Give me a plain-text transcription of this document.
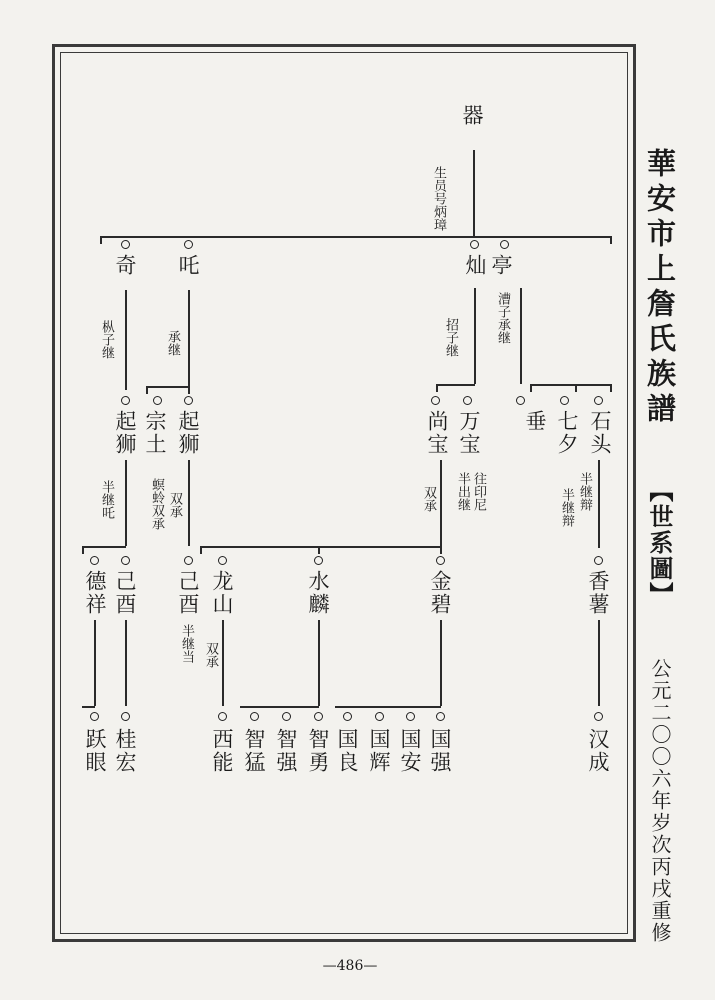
華安市上詹氏族譜
【世系圖】
公元二〇〇六年岁次丙戌重修
—486—
器
生员号炳璋
奇 吒	灿 亭
枞子继	承继	招子继	漕子承继
起狮 宗土 起狮	尚宝 万宝 垂 七夕 石头
半继吒	双承
螟蛉双承	双承 半出继 往印尼	半继辩
半继辩
德祥 己酉 己酉 龙山	水麟	金碧	香薯
半继当 双承
跃眼 桂宏	西能 智猛 智强 智勇 国良 国辉 国安 国强	汉成
